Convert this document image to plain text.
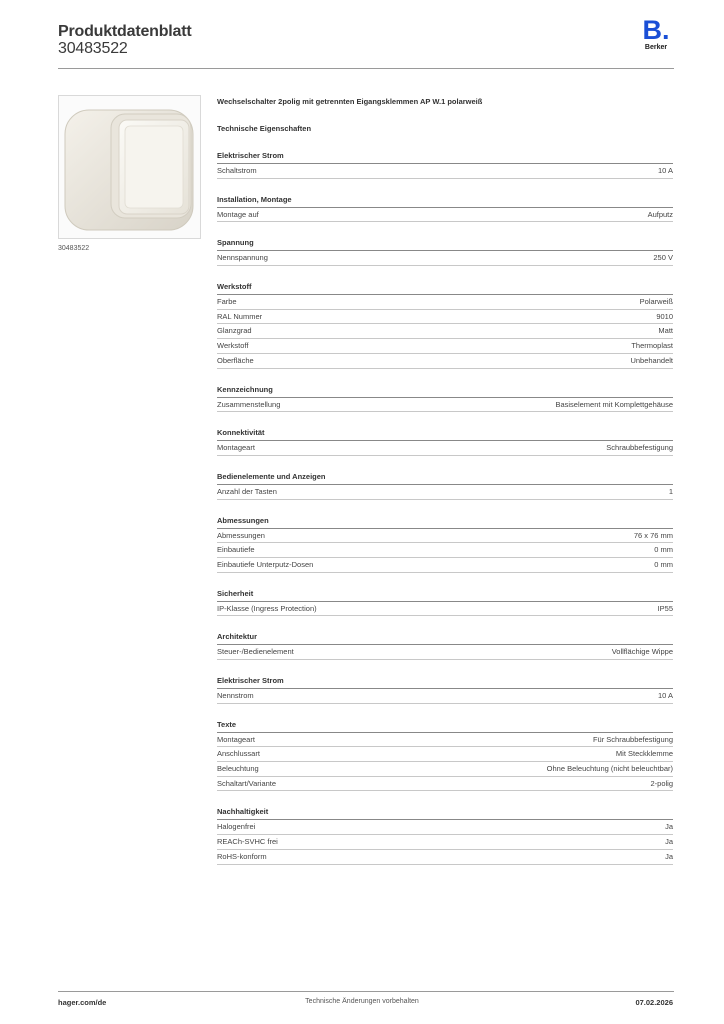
Produktdatenblatt
30483522
B.
Berker
30483522
Wechselschalter 2polig mit getrennten Eigangsklemmen AP W.1 polarweiß
Technische Eigenschaften
Elektrischer Strom
Schaltstrom	10 A
Installation, Montage
Montage auf	Aufputz
Spannung
Nennspannung	250 V
Werkstoff
Farbe	Polarweiß
RAL Nummer	9010
Glanzgrad	Matt
Werkstoff	Thermoplast
Oberfläche	Unbehandelt
Kennzeichnung
Zusammenstellung	Basiselement mit Komplettgehäuse
Konnektivität
Montageart	Schraubbefestigung
Bedienelemente und Anzeigen
Anzahl der Tasten	1
Abmessungen
Abmessungen	76 x 76 mm
Einbautiefe	0 mm
Einbautiefe Unterputz-Dosen	0 mm
Sicherheit
IP-Klasse (Ingress Protection)	IP55
Architektur
Steuer-/Bedienelement	Vollflächige Wippe
Elektrischer Strom
Nennstrom	10 A
Texte
Montageart	Für Schraubbefestigung
Anschlussart	Mit Steckklemme
Beleuchtung	Ohne Beleuchtung (nicht beleuchtbar)
Schaltart/Variante	2-polig
Nachhaltigkeit
Halogenfrei	Ja
REACh-SVHC frei	Ja
RoHS-konform	Ja
hager.com/de	Technische Änderungen vorbehalten	07.02.2026
